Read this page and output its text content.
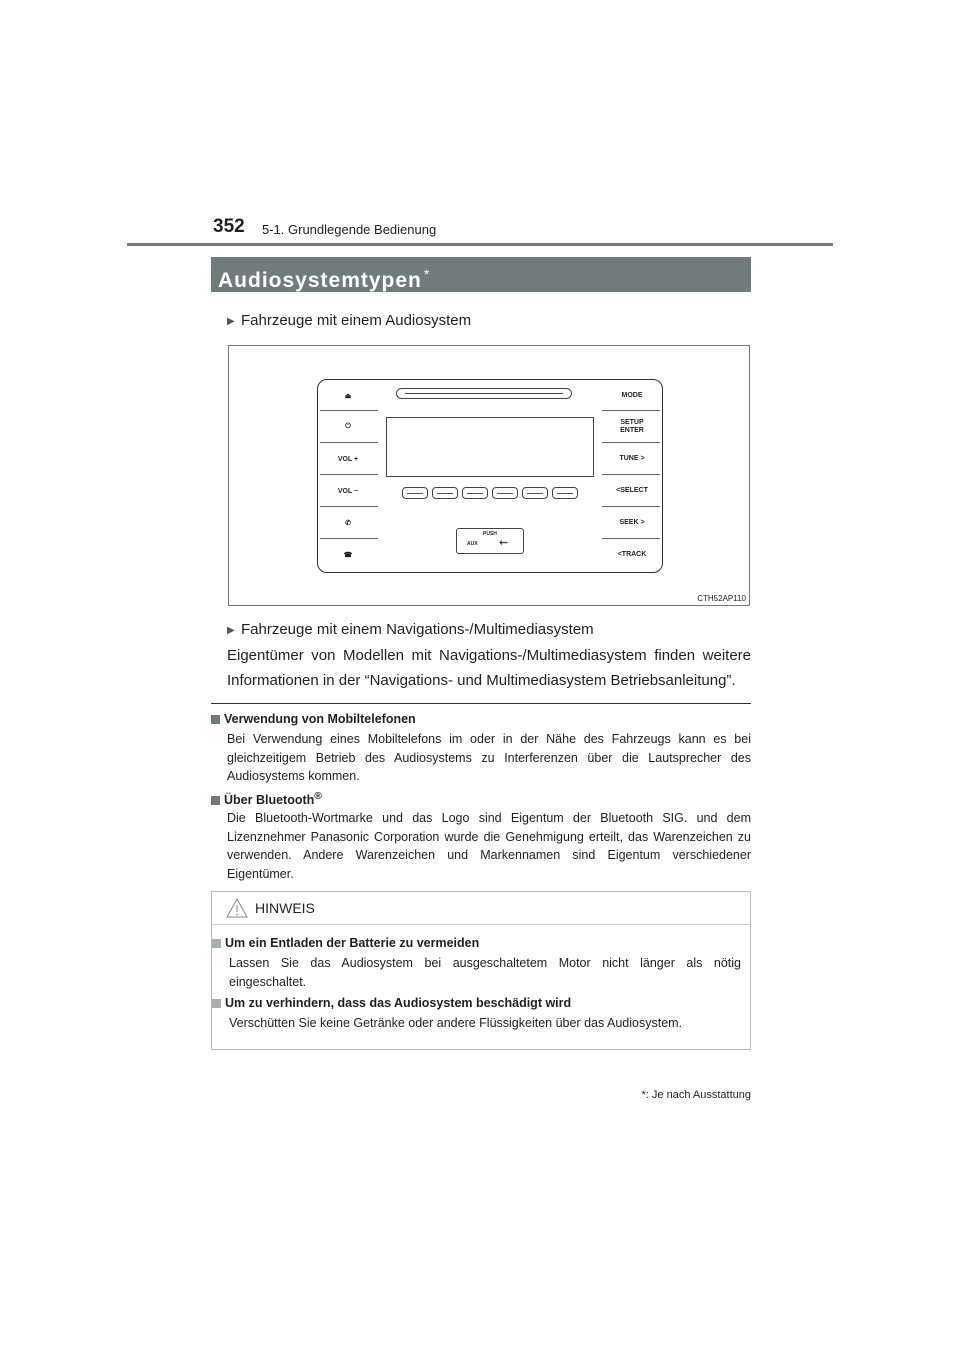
352 5-1. Grundlegende Bedienung
Audiosystemtypen *
▶ Fahrzeuge mit einem Audiosystem
PUSH
AUX ⇜
⏏
⏻
VOL +
VOL −
✆
☎
MODE
SETUP
ENTER
TUNE >
<SELECT
SEEK >
<TRACK
CTH52AP110
▶ Fahrzeuge mit einem Navigations-/Multimediasystem
Eigentümer von Modellen mit Navigations-/Multimediasystem finden weitere Informationen in der “Navigations- und Multimediasystem Betriebsanleitung”.
Verwendung von Mobiltelefonen
Bei Verwendung eines Mobiltelefons im oder in der Nähe des Fahrzeugs kann es bei gleichzeitigem Betrieb des Audiosystems zu Interferenzen über die Lautsprecher des Audiosystems kommen.
Über Bluetooth®
Die Bluetooth-Wortmarke und das Logo sind Eigentum der Bluetooth SIG. und dem Lizenznehmer Panasonic Corporation wurde die Genehmigung erteilt, das Warenzeichen zu verwenden. Andere Warenzeichen und Markennamen sind Eigentum verschiedener Eigentümer.
HINWEIS
Um ein Entladen der Batterie zu vermeiden
Lassen Sie das Audiosystem bei ausgeschaltetem Motor nicht länger als nötig eingeschaltet.
Um zu verhindern, dass das Audiosystem beschädigt wird
Verschütten Sie keine Getränke oder andere Flüssigkeiten über das Audiosystem.
*: Je nach Ausstattung
